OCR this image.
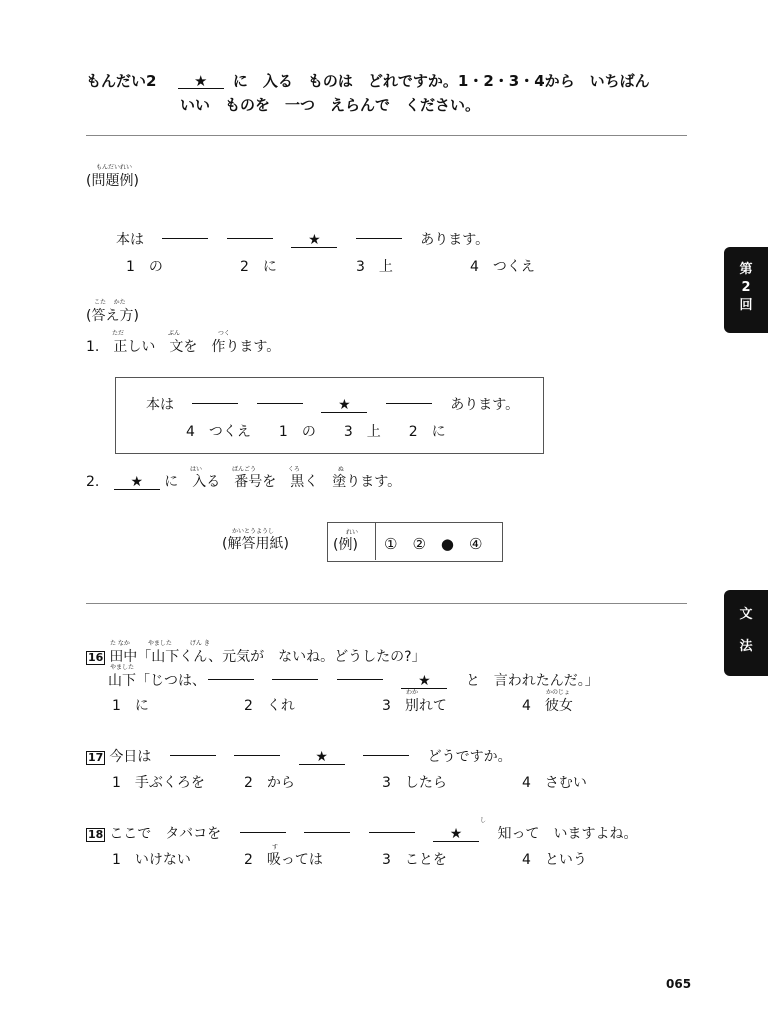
もんだい2	★ に　入る　ものは　どれですか。1・2・3・4から　いちばん
いい　ものを　一つ　えらんで　ください。
もんだいれい
(問題例)
本は	★	あります。
1　の	2　に	3　上	4　つくえ
こた かた
(答え方)
ただ	ぶん	つく
1.　正しい　文を　作ります。
本は	★	あります。
4　つくえ　　1　の　　3　上　　2　に
はい	ばんごう	くろ	ぬ
2. ★ に　入る　番号を　黒く　塗ります。
かいとうようし
(解答用紙)
れい
(例) ①　②　●　④
た なか　　　やました　　　げん き
16 田中「山下くん、元気が　ないね。どうしたの?」
やました
山下「じつは、	★	と　言われたんだ。」
わか	かのじょ
1　に	2　くれ	3　別れて	4　彼女
17 今日は	★	どうですか。
1　手ぶくろを	2　から	3　したら	4　さむい
し
18 ここで　タバコを	★	知って　いますよね。
す
1　いけない	2　吸っては	3　ことを	4　という
第
2
回
文
法
065
